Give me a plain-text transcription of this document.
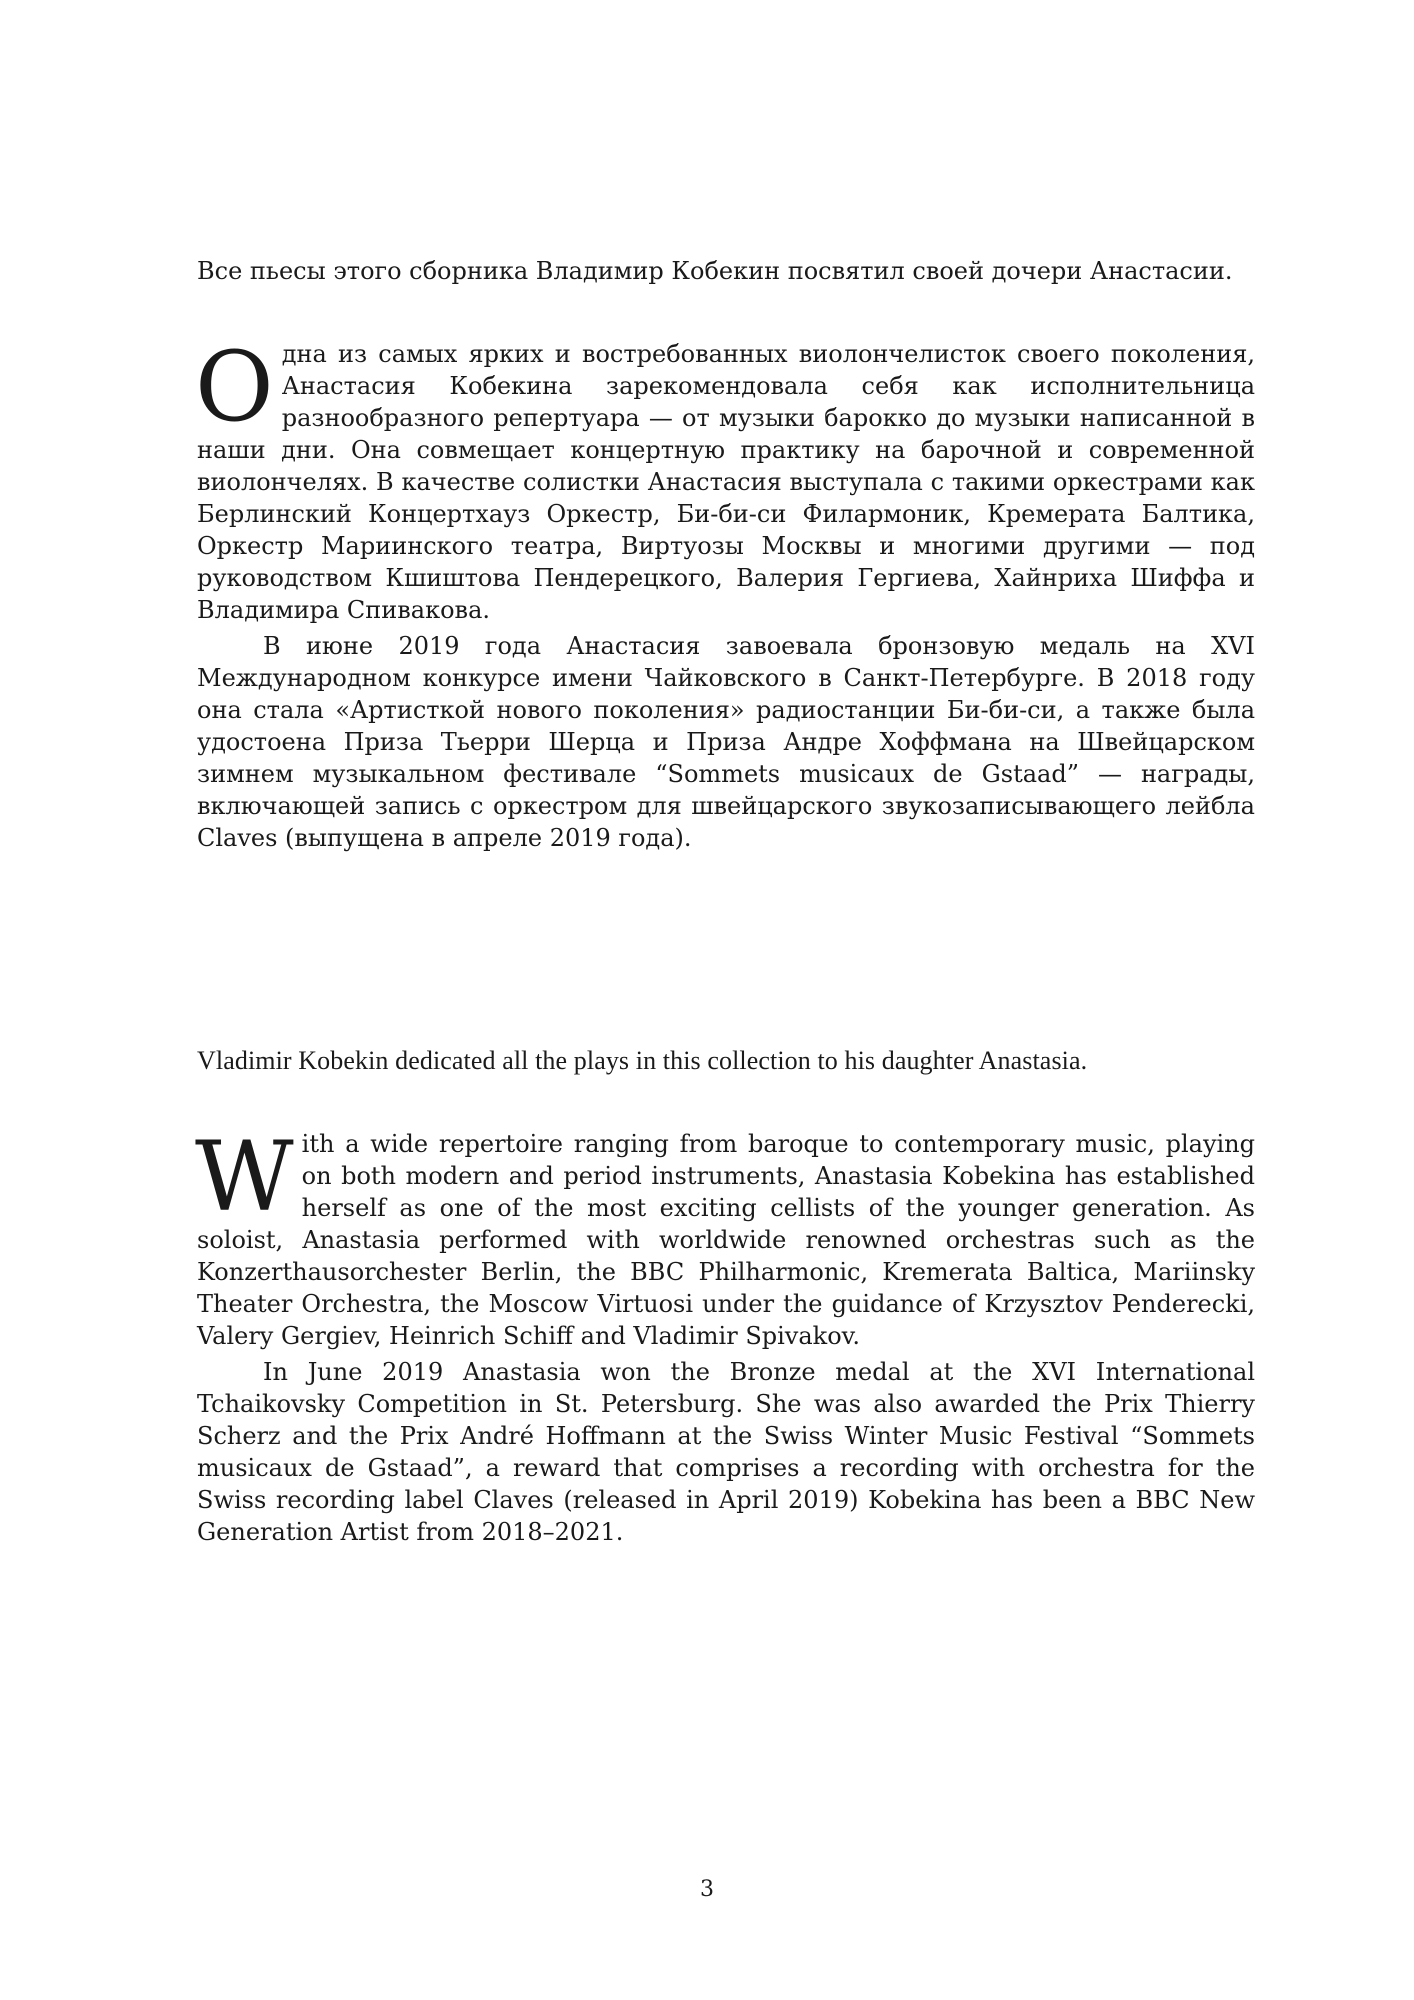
Все пьесы этого сборника Владимир Кобекин посвятил своей дочери Анастасии.

Одна из самых ярких и востребованных виолончелисток своего поколения, Анастасия Кобекина зарекомендовала себя как исполнительница разнообразного репертуара — от музыки барокко до музыки написанной в наши дни. Она совмещает концертную практику на барочной и современной виолончелях. В качестве солистки Анастасия выступала с такими оркестрами как Берлинский Концертхауз Оркестр, Би-би-си Филармоник, Кремерата Балтика, Оркестр Мариинского театра, Виртуозы Москвы и многими другими — под руководством Кшиштова Пендерецкого, Валерия Гергиева, Хайнриха Шиффа и Владимира Спивакова.

В июне 2019 года Анастасия завоевала бронзовую медаль на XVI Международном конкурсе имени Чайковского в Санкт-Петербурге. В 2018 году она стала «Артисткой нового поколения» радиостанции Би-би-си, а также была удостоена Приза Тьерри Шерца и Приза Андре Хоффмана на Швейцарском зимнем музыкальном фестивале “Sommets musicaux de Gstaad” — награды, включающей запись с оркестром для швейцарского звукозаписывающего лейбла Claves (выпущена в апреле 2019 года).

Vladimir Kobekin dedicated all the plays in this collection to his daughter Anastasia.

With a wide repertoire ranging from baroque to contemporary music, playing on both modern and period instruments, Anastasia Kobekina has established herself as one of the most exciting cellists of the younger generation. As soloist, Anastasia performed with worldwide renowned orchestras such as the Konzerthausorchester Berlin, the BBC Philharmonic, Kremerata Baltica, Mariinsky Theater Orchestra, the Moscow Virtuosi under the guidance of Krzysztov Penderecki, Valery Gergiev, Heinrich Schiff and Vladimir Spivakov.

In June 2019 Anastasia won the Bronze medal at the XVI International Tchaikovsky Competition in St. Petersburg. She was also awarded the Prix Thierry Scherz and the Prix André Hoffmann at the Swiss Winter Music Festival “Sommets musicaux de Gstaad”, a reward that comprises a recording with orchestra for the Swiss recording label Claves (released in April 2019) Kobekina has been a BBC New Generation Artist from 2018–2021.

3
